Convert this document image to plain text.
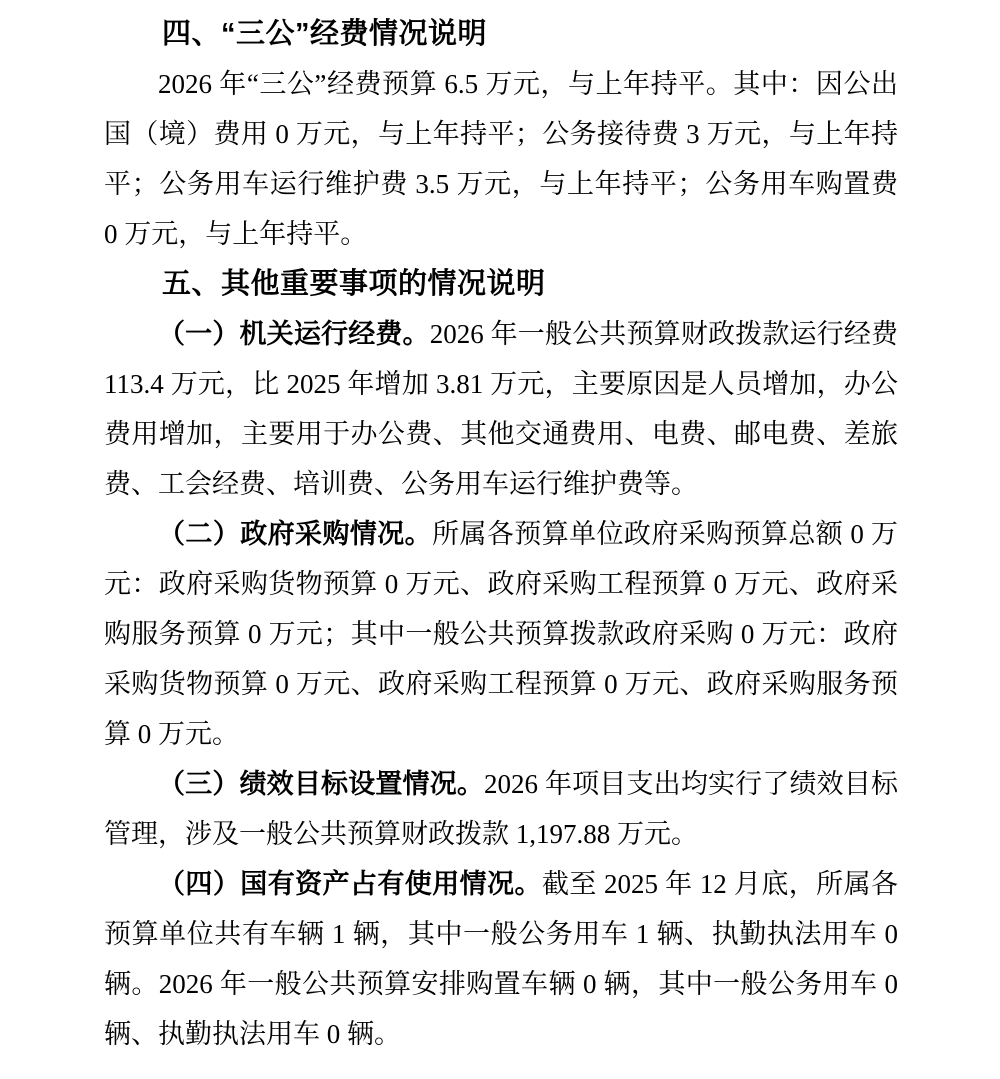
四、“三公”经费情况说明

2026 年“三公”经费预算 6.5 万元，与上年持平。其中：因公出国（境）费用 0 万元，与上年持平；公务接待费 3 万元，与上年持平；公务用车运行维护费 3.5 万元，与上年持平；公务用车购置费 0 万元，与上年持平。

五、其他重要事项的情况说明

（一）机关运行经费。2026 年一般公共预算财政拨款运行经费 113.4 万元，比 2025 年增加 3.81 万元，主要原因是人员增加，办公费用增加，主要用于办公费、其他交通费用、电费、邮电费、差旅费、工会经费、培训费、公务用车运行维护费等。

（二）政府采购情况。所属各预算单位政府采购预算总额 0 万元：政府采购货物预算 0 万元、政府采购工程预算 0 万元、政府采购服务预算 0 万元；其中一般公共预算拨款政府采购 0 万元：政府采购货物预算 0 万元、政府采购工程预算 0 万元、政府采购服务预算 0 万元。

（三）绩效目标设置情况。2026 年项目支出均实行了绩效目标管理，涉及一般公共预算财政拨款 1,197.88 万元。

（四）国有资产占有使用情况。截至 2025 年 12 月底，所属各预算单位共有车辆 1 辆，其中一般公务用车 1 辆、执勤执法用车 0 辆。2026 年一般公共预算安排购置车辆 0 辆，其中一般公务用车 0 辆、执勤执法用车 0 辆。
